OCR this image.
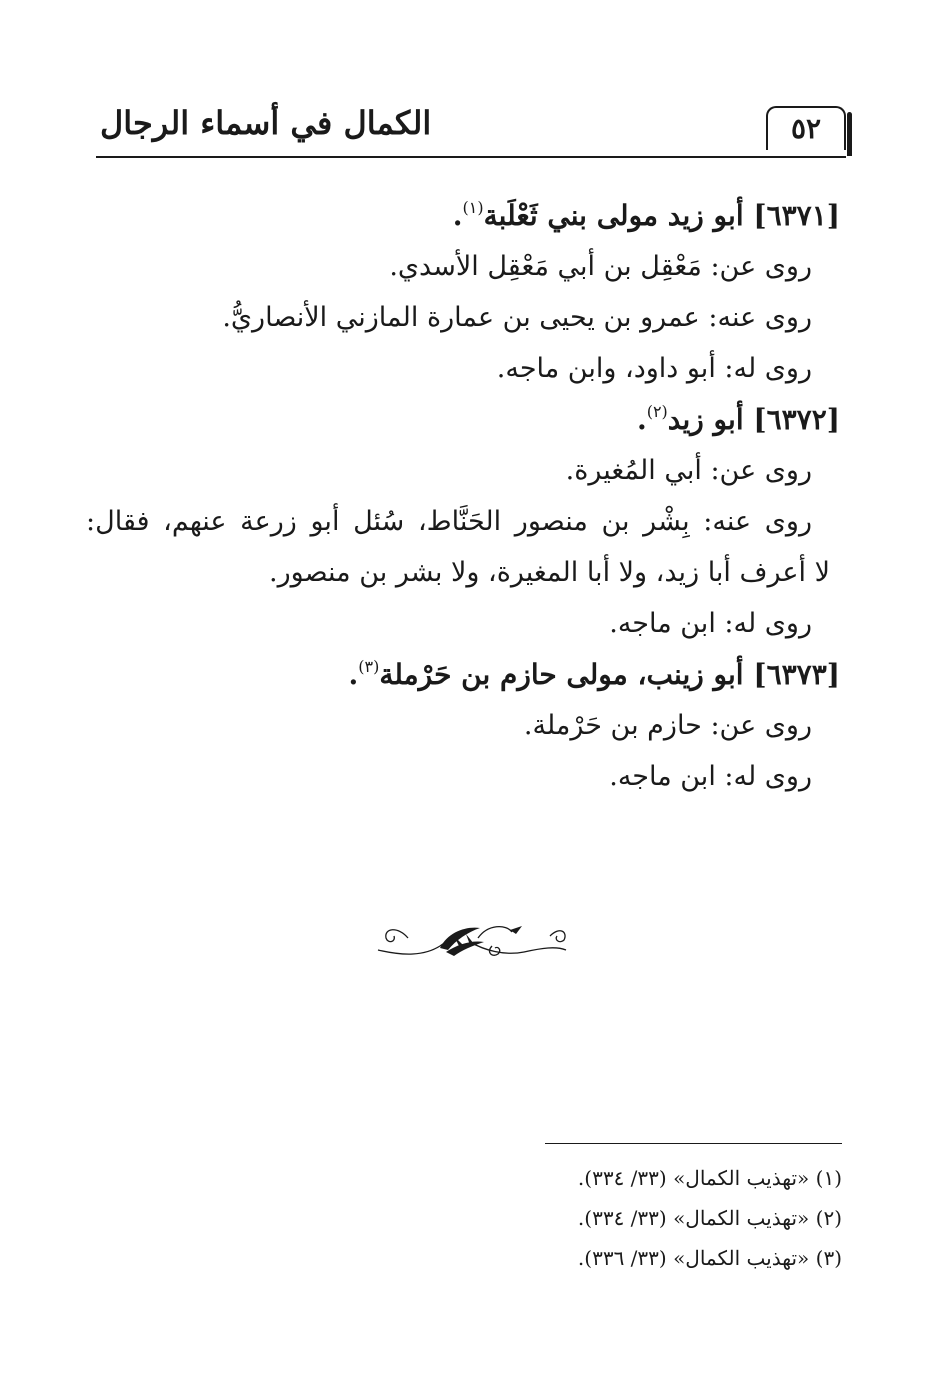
الكمال في أسماء الرجال	٥٢
[٦٣٧١] أبو زيد مولى بني ثَعْلَبة$^{(١)}$.
روى عن: مَعْقِل بن أبي مَعْقِل الأسدي.
روى عنه: عمرو بن يحيى بن عمارة المازني الأنصاريُّ.
روى له: أبو داود، وابن ماجه.
[٦٣٧٢] أبو زيد$^{(٢)}$.
روى عن: أبي المُغيرة.
روى عنه: بِشْر بن منصور الحَنَّاط، سُئل أبو زرعة عنهم، فقال:
لا أعرف أبا زيد، ولا أبا المغيرة، ولا بشر بن منصور.
روى له: ابن ماجه.
[٦٣٧٣] أبو زينب، مولى حازم بن حَرْملة$^{(٣)}$.
روى عن: حازم بن حَرْملة.
روى له: ابن ماجه.
(١) «تهذيب الكمال» (٣٣/ ٣٣٤).
(٢) «تهذيب الكمال» (٣٣/ ٣٣٤).
(٣) «تهذيب الكمال» (٣٣/ ٣٣٦).
